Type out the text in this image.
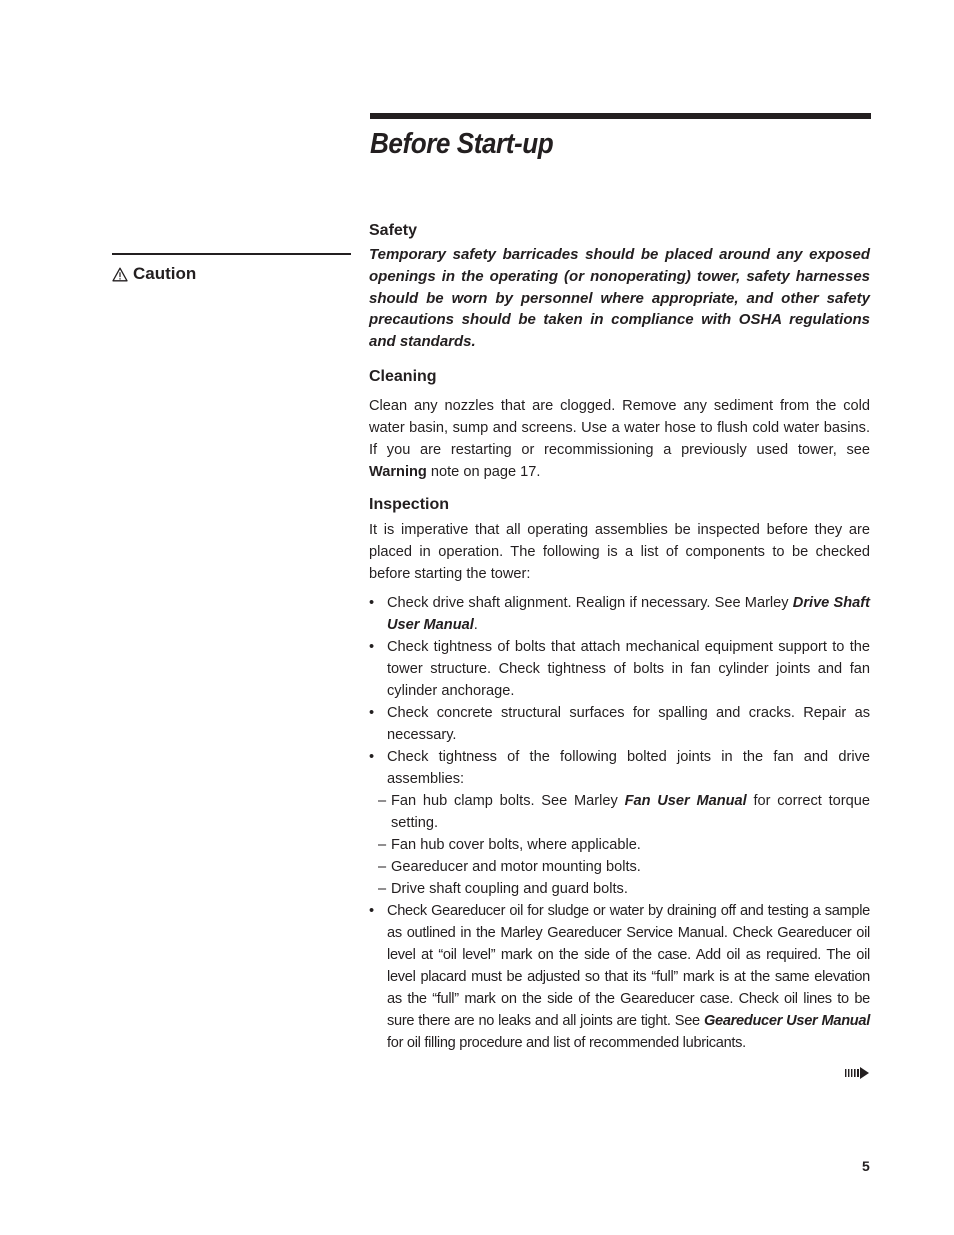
Before Start-up
Caution
Safety
Temporary safety barricades should be placed around any exposed openings in the operating (or nonoperating) tower, safety harnesses should be worn by personnel where appropriate, and other safety precautions should be taken in compliance with OSHA regulations and standards.
Cleaning

Clean any nozzles that are clogged. Remove any sediment from the cold water basin, sump and screens. Use a water hose to flush cold water basins. If you are restarting or recommissioning a previously used tower, see Warning note on page 17.

Inspection

It is imperative that all operating assemblies be inspected before they are placed in operation. The following is a list of components to be checked before starting the tower:

• Check drive shaft alignment. Realign if necessary. See Marley Drive Shaft User Manual.
• Check tightness of bolts that attach mechanical equipment support to the tower structure. Check tightness of bolts in fan cylinder joints and fan cylinder anchorage.
• Check concrete structural surfaces for spalling and cracks. Repair as necessary.
• Check tightness of the following bolted joints in the fan and drive assemblies:
– Fan hub clamp bolts. See Marley Fan User Manual for correct torque setting.
– Fan hub cover bolts, where applicable.
– Geareducer and motor mounting bolts.
– Drive shaft coupling and guard bolts.
• Check Geareducer oil for sludge or water by draining off and testing a sample as outlined in the Marley Geareducer Service Manual. Check Geareducer oil level at “oil level” mark on the side of the case. Add oil as required. The oil level placard must be adjusted so that its “full” mark is at the same elevation as the “full” mark on the side of the Geareducer case. Check oil lines to be sure there are no leaks and all joints are tight. See Geareducer User Manual for oil filling procedure and list of recommended lubricants.
5
